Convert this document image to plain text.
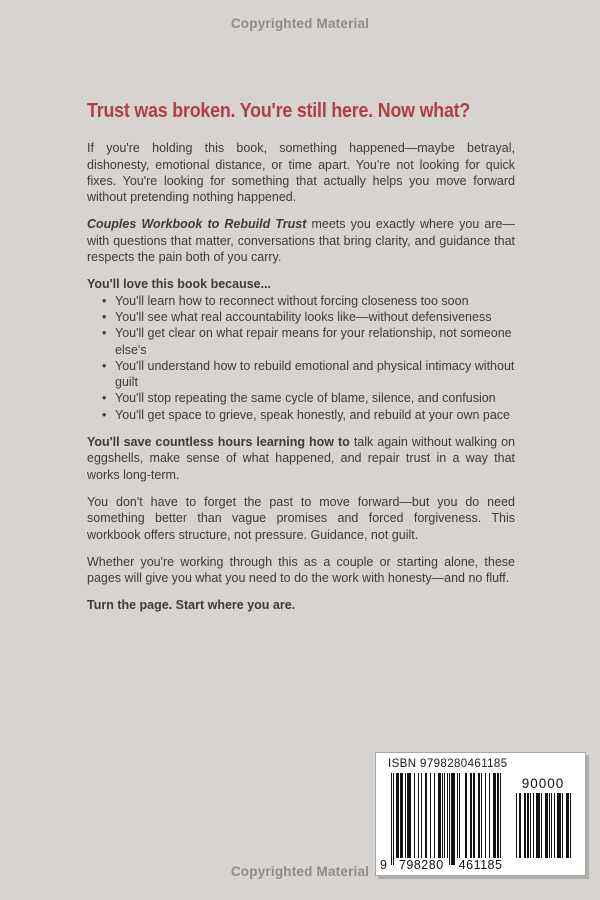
Copyrighted Material
Trust was broken. You're still here. Now what?

If you're holding this book, something happened—maybe betrayal, dishonesty, emotional distance, or time apart. You're not looking for quick fixes. You're looking for something that actually helps you move forward without pretending nothing happened.

Couples Workbook to Rebuild Trust meets you exactly where you are—with questions that matter, conversations that bring clarity, and guidance that respects the pain both of you carry.

You'll love this book because...

• You'll learn how to reconnect without forcing closeness too soon
• You'll see what real accountability looks like—without defensiveness
• You'll get clear on what repair means for your relationship, not someone else's
• You'll understand how to rebuild emotional and physical intimacy without guilt
• You'll stop repeating the same cycle of blame, silence, and confusion
• You'll get space to grieve, speak honestly, and rebuild at your own pace

You'll save countless hours learning how to talk again without walking on eggshells, make sense of what happened, and repair trust in a way that works long-term.

You don't have to forget the past to move forward—but you do need something better than vague promises and forced forgiveness. This workbook offers structure, not pressure. Guidance, not guilt.

Whether you're working through this as a couple or starting alone, these pages will give you what you need to do the work with honesty—and no fluff.

Turn the page. Start where you are.

ISBN 9798280461185
9 798280	461185
90000
Copyrighted Material
